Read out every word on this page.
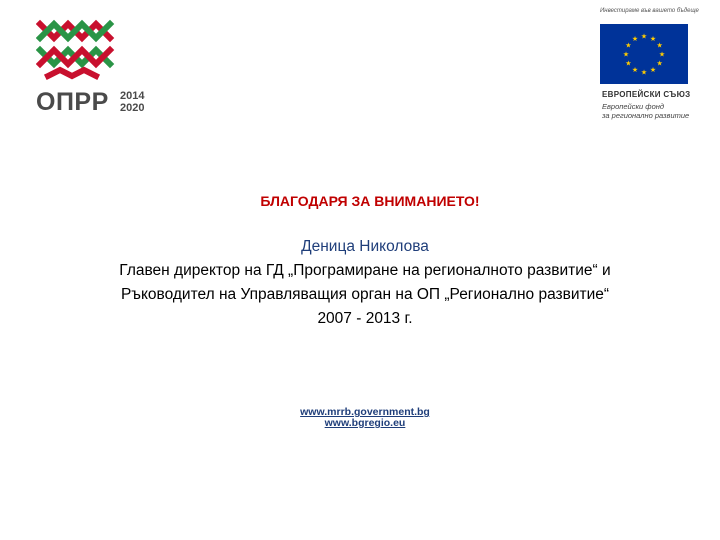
ОПРР 2014
2020
Инвестираме във вашето бъдеще
★
★
★
★
★
★
★
★
★ ★ ★
★
ЕВРОПЕЙСКИ СЪЮЗ
Европейски фонд
за регионално развитие
БЛАГОДАРЯ ЗА ВНИМАНИЕТО!
Деница Николова
Главен директор на ГД „Програмиране на регионалното развитие“ и
Ръководител на Управляващия орган на ОП „Регионално развитие“
2007 - 2013 г.
www.mrrb.government.bg
www.bgregio.eu
